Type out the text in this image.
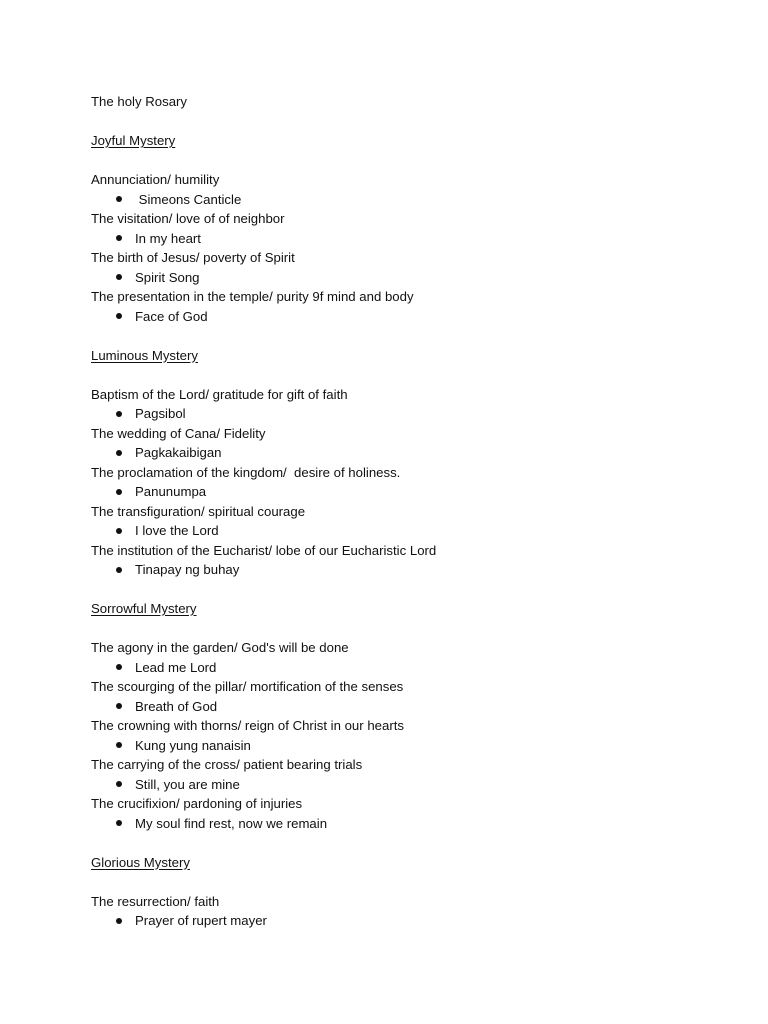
The holy Rosary
Joyful Mystery
Annunciation/ humility
Simeons Canticle
The visitation/ love of of neighbor
In my heart
The birth of Jesus/ poverty of Spirit
Spirit Song
The presentation in the temple/ purity 9f mind and body
Face of God
Luminous Mystery
Baptism of the Lord/ gratitude for gift of faith
Pagsibol
The wedding of Cana/ Fidelity
Pagkakaibigan
The proclamation of the kingdom/  desire of holiness.
Panunumpa
The transfiguration/ spiritual courage
I love the Lord
The institution of the Eucharist/ lobe of our Eucharistic Lord
Tinapay ng buhay
Sorrowful Mystery
The agony in the garden/ God's will be done
Lead me Lord
The scourging of the pillar/ mortification of the senses
Breath of God
The crowning with thorns/ reign of Christ in our hearts
Kung yung nanaisin
The carrying of the cross/ patient bearing trials
Still, you are mine
The crucifixion/ pardoning of injuries
My soul find rest, now we remain
Glorious Mystery
The resurrection/ faith
Prayer of rupert mayer
